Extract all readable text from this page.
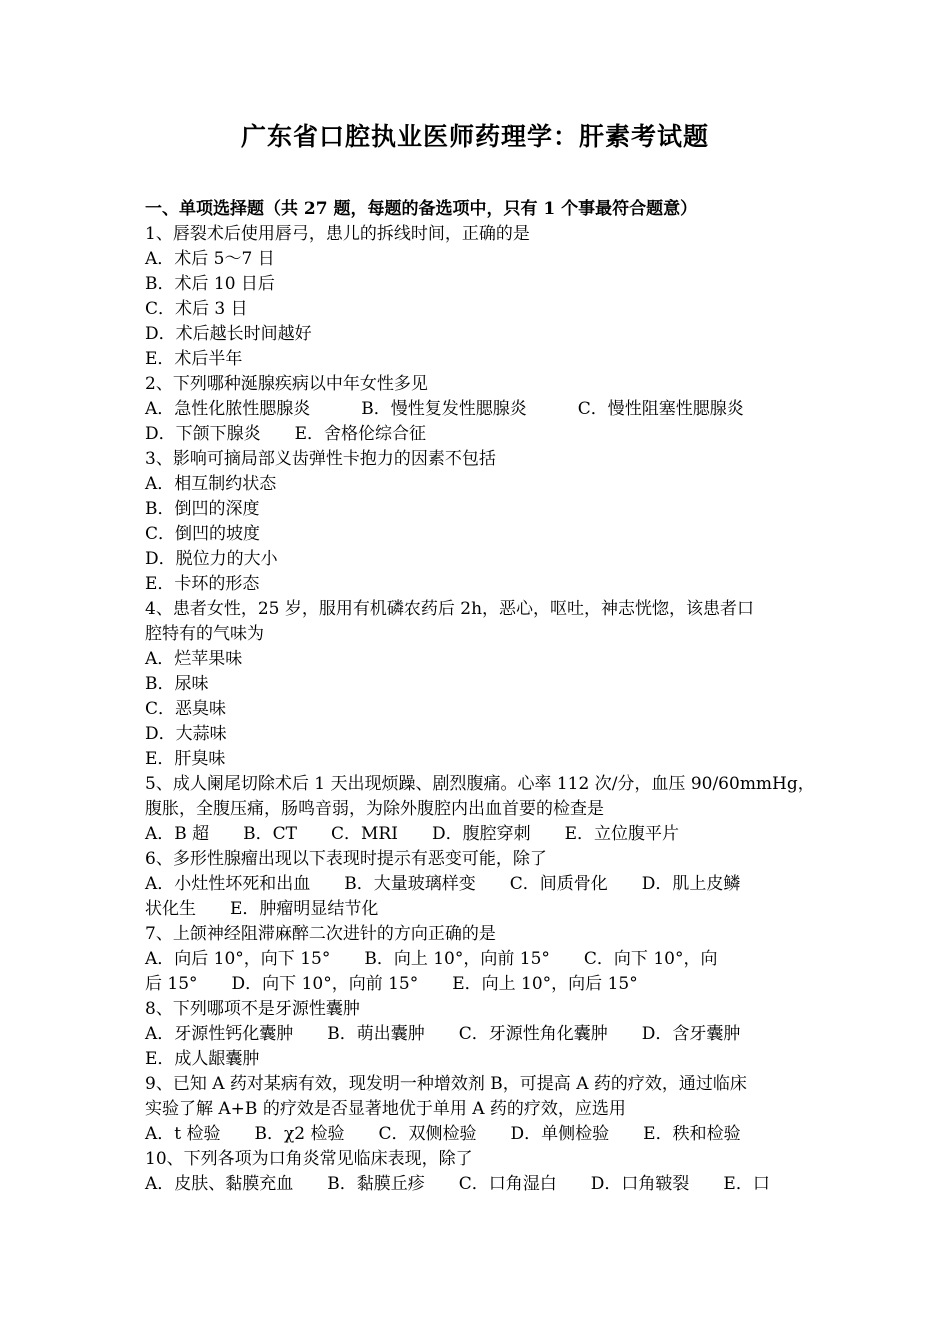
广东省口腔执业医师药理学：肝素考试题
一、单项选择题（共 27 题，每题的备选项中，只有 1 个事最符合题意）
1、唇裂术后使用唇弓，患儿的拆线时间，正确的是
A．术后 5～7 日
B．术后 10 日后
C．术后 3 日
D．术后越长时间越好
E．术后半年
2、下列哪种涎腺疾病以中年女性多见
A．急性化脓性腮腺炎　　　B．慢性复发性腮腺炎　　　C．慢性阻塞性腮腺炎
D．下颌下腺炎　　E．舍格伦综合征
3、影响可摘局部义齿弹性卡抱力的因素不包括
A．相互制约状态
B．倒凹的深度
C．倒凹的坡度
D．脱位力的大小
E．卡环的形态
4、患者女性，25 岁，服用有机磷农药后 2h，恶心，呕吐，神志恍惚，该患者口
腔特有的气味为
A．烂苹果味
B．尿味
C．恶臭味
D．大蒜味
E．肝臭味
5、成人阑尾切除术后 1 天出现烦躁、剧烈腹痛。心率 112 次/分，血压 90/60mmHg，
腹胀，全腹压痛，肠鸣音弱，为除外腹腔内出血首要的检查是
A．B 超　　B．CT　　C．MRI　　D．腹腔穿刺　　E．立位腹平片
6、多形性腺瘤出现以下表现时提示有恶变可能，除了
A．小灶性坏死和出血　　B．大量玻璃样变　　C．间质骨化　　D．肌上皮鳞
状化生　　E．肿瘤明显结节化
7、上颌神经阻滞麻醉二次进针的方向正确的是
A．向后 10°，向下 15°　　B．向上 10°，向前 15°　　C．向下 10°，向
后 15°　　D．向下 10°，向前 15°　　E．向上 10°，向后 15°
8、下列哪项不是牙源性囊肿
A．牙源性钙化囊肿　　B．萌出囊肿　　C．牙源性角化囊肿　　D．含牙囊肿
E．成人龈囊肿
9、已知 A 药对某病有效，现发明一种增效剂 B，可提高 A 药的疗效，通过临床
实验了解 A+B 的疗效是否显著地优于单用 A 药的疗效，应选用
A．t 检验　　B．χ2 检验　　C．双侧检验　　D．单侧检验　　E．秩和检验
10、下列各项为口角炎常见临床表现，除了
A．皮肤、黏膜充血　　B．黏膜丘疹　　C．口角湿白　　D．口角皲裂　　E．口
